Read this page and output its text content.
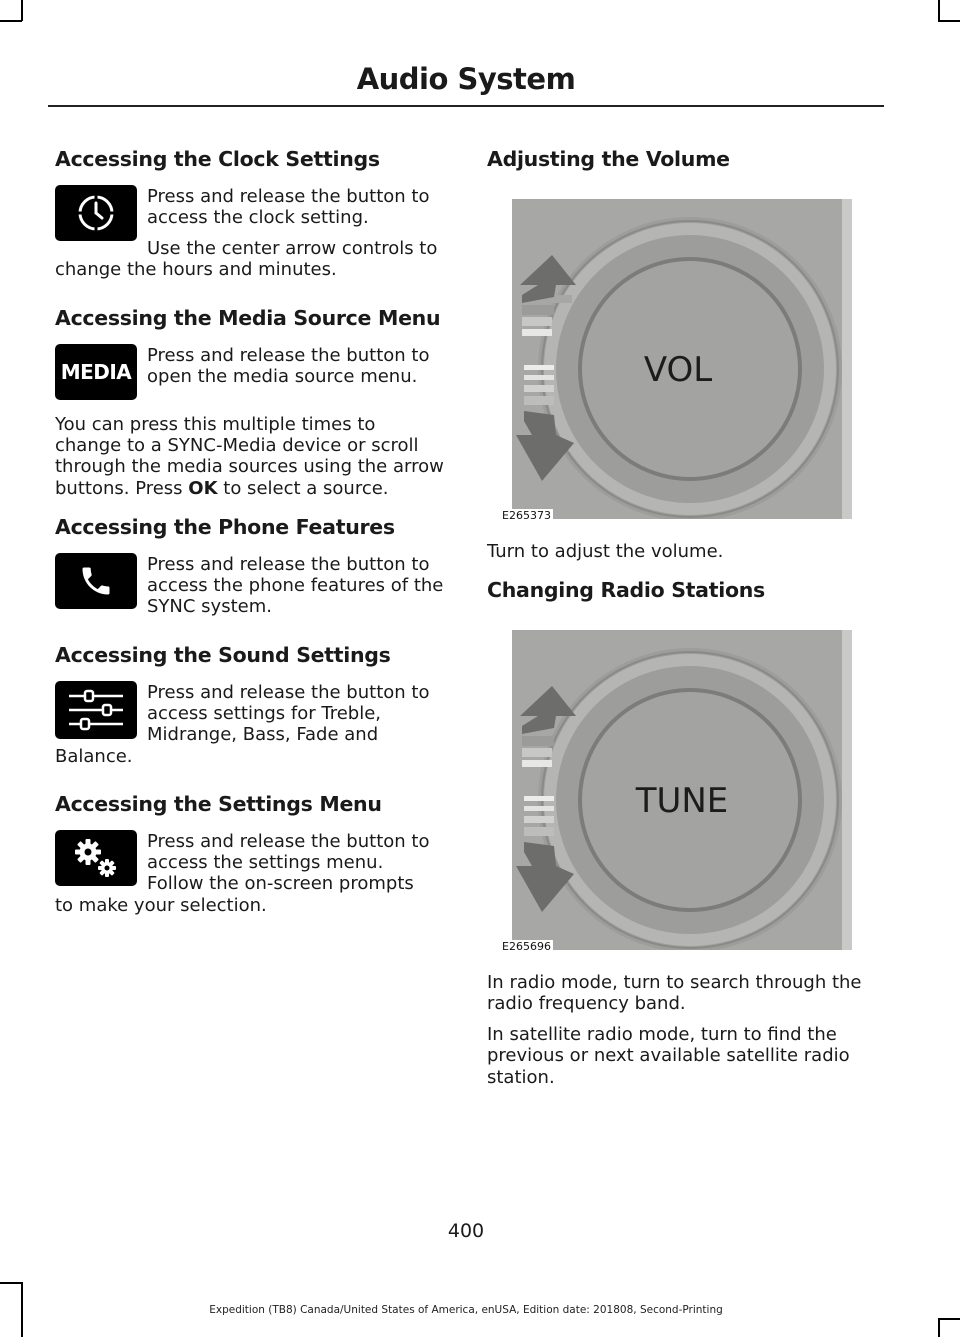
Audio System
Accessing the Clock Settings

Press and release the button to

access the clock setting.

Use the center arrow controls to

change the hours and minutes.

Accessing the Media Source Menu
MEDIA

Press and release the button to

open the media source menu.

You can press this multiple times to

change to a SYNC-Media device or scroll

through the media sources using the arrow

buttons. Press OK to select a source.

Accessing the Phone Features

Press and release the button to

access the phone features of the

SYNC system.

Accessing the Sound Settings

Press and release the button to

access settings for Treble,

Midrange, Bass, Fade and

Balance.

Accessing the Settings Menu

Press and release the button to

access the settings menu.

Follow the on-screen prompts

to make your selection.

Adjusting the Volume
VOL
E265373

Turn to adjust the volume.

Changing Radio Stations
TUNE
E265696

In radio mode, turn to search through the

radio frequency band.

In satellite radio mode, turn to find the

previous or next available satellite radio

station.

400
Expedition (TB8) Canada/United States of America, enUSA, Edition date: 201808, Second-Printing
